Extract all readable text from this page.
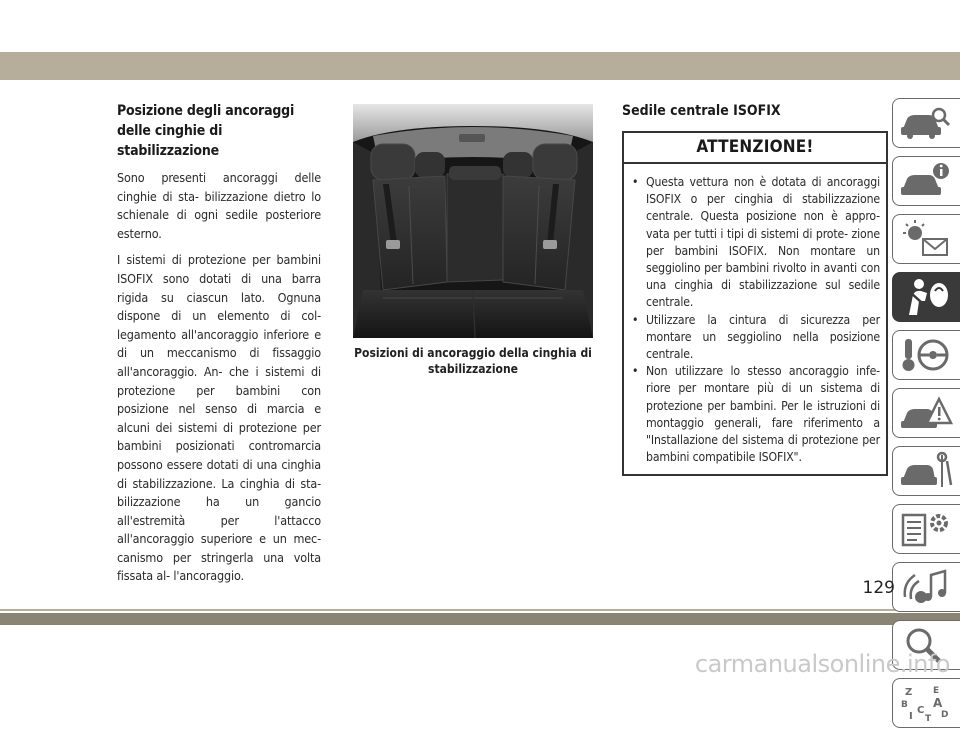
Posizione degli ancoraggi delle cinghie di stabilizzazione

Sono presenti ancoraggi delle cinghie di sta- bilizzazione dietro lo schienale di ogni sedile posteriore esterno.

I sistemi di protezione per bambini ISOFIX sono dotati di una barra rigida su ciascun lato. Ognuna dispone di un elemento di col- legamento all'ancoraggio inferiore e di un meccanismo di fissaggio all'ancoraggio. An- che i sistemi di protezione per bambini con posizione nel senso di marcia e alcuni dei sistemi di protezione per bambini posizionati contromarcia possono essere dotati di una cinghia di stabilizzazione. La cinghia di sta- bilizzazione ha un gancio all'estremità per l'attacco all'ancoraggio superiore e un mec- canismo per stringerla una volta fissata al- l'ancoraggio.

Posizioni di ancoraggio della cinghia di stabilizzazione
Sedile centrale ISOFIX
ATTENZIONE!
• Questa vettura non è dotata di ancoraggi ISOFIX o per cinghia di stabilizzazione centrale. Questa posizione non è appro- vata per tutti i tipi di sistemi di prote- zione per bambini ISOFIX. Non montare un seggiolino per bambini rivolto in avanti con una cinghia di stabilizzazione sul sedile centrale.
• Utilizzare la cintura di sicurezza per montare un seggiolino nella posizione centrale.
• Non utilizzare lo stesso ancoraggio infe- riore per montare più di un sistema di protezione per bambini. Per le istruzioni di montaggio generali, fare riferimento a "Installazione del sistema di protezione per bambini compatibile ISOFIX".
Z E
B A
I
C D
T
129
carmanualsonline.info
